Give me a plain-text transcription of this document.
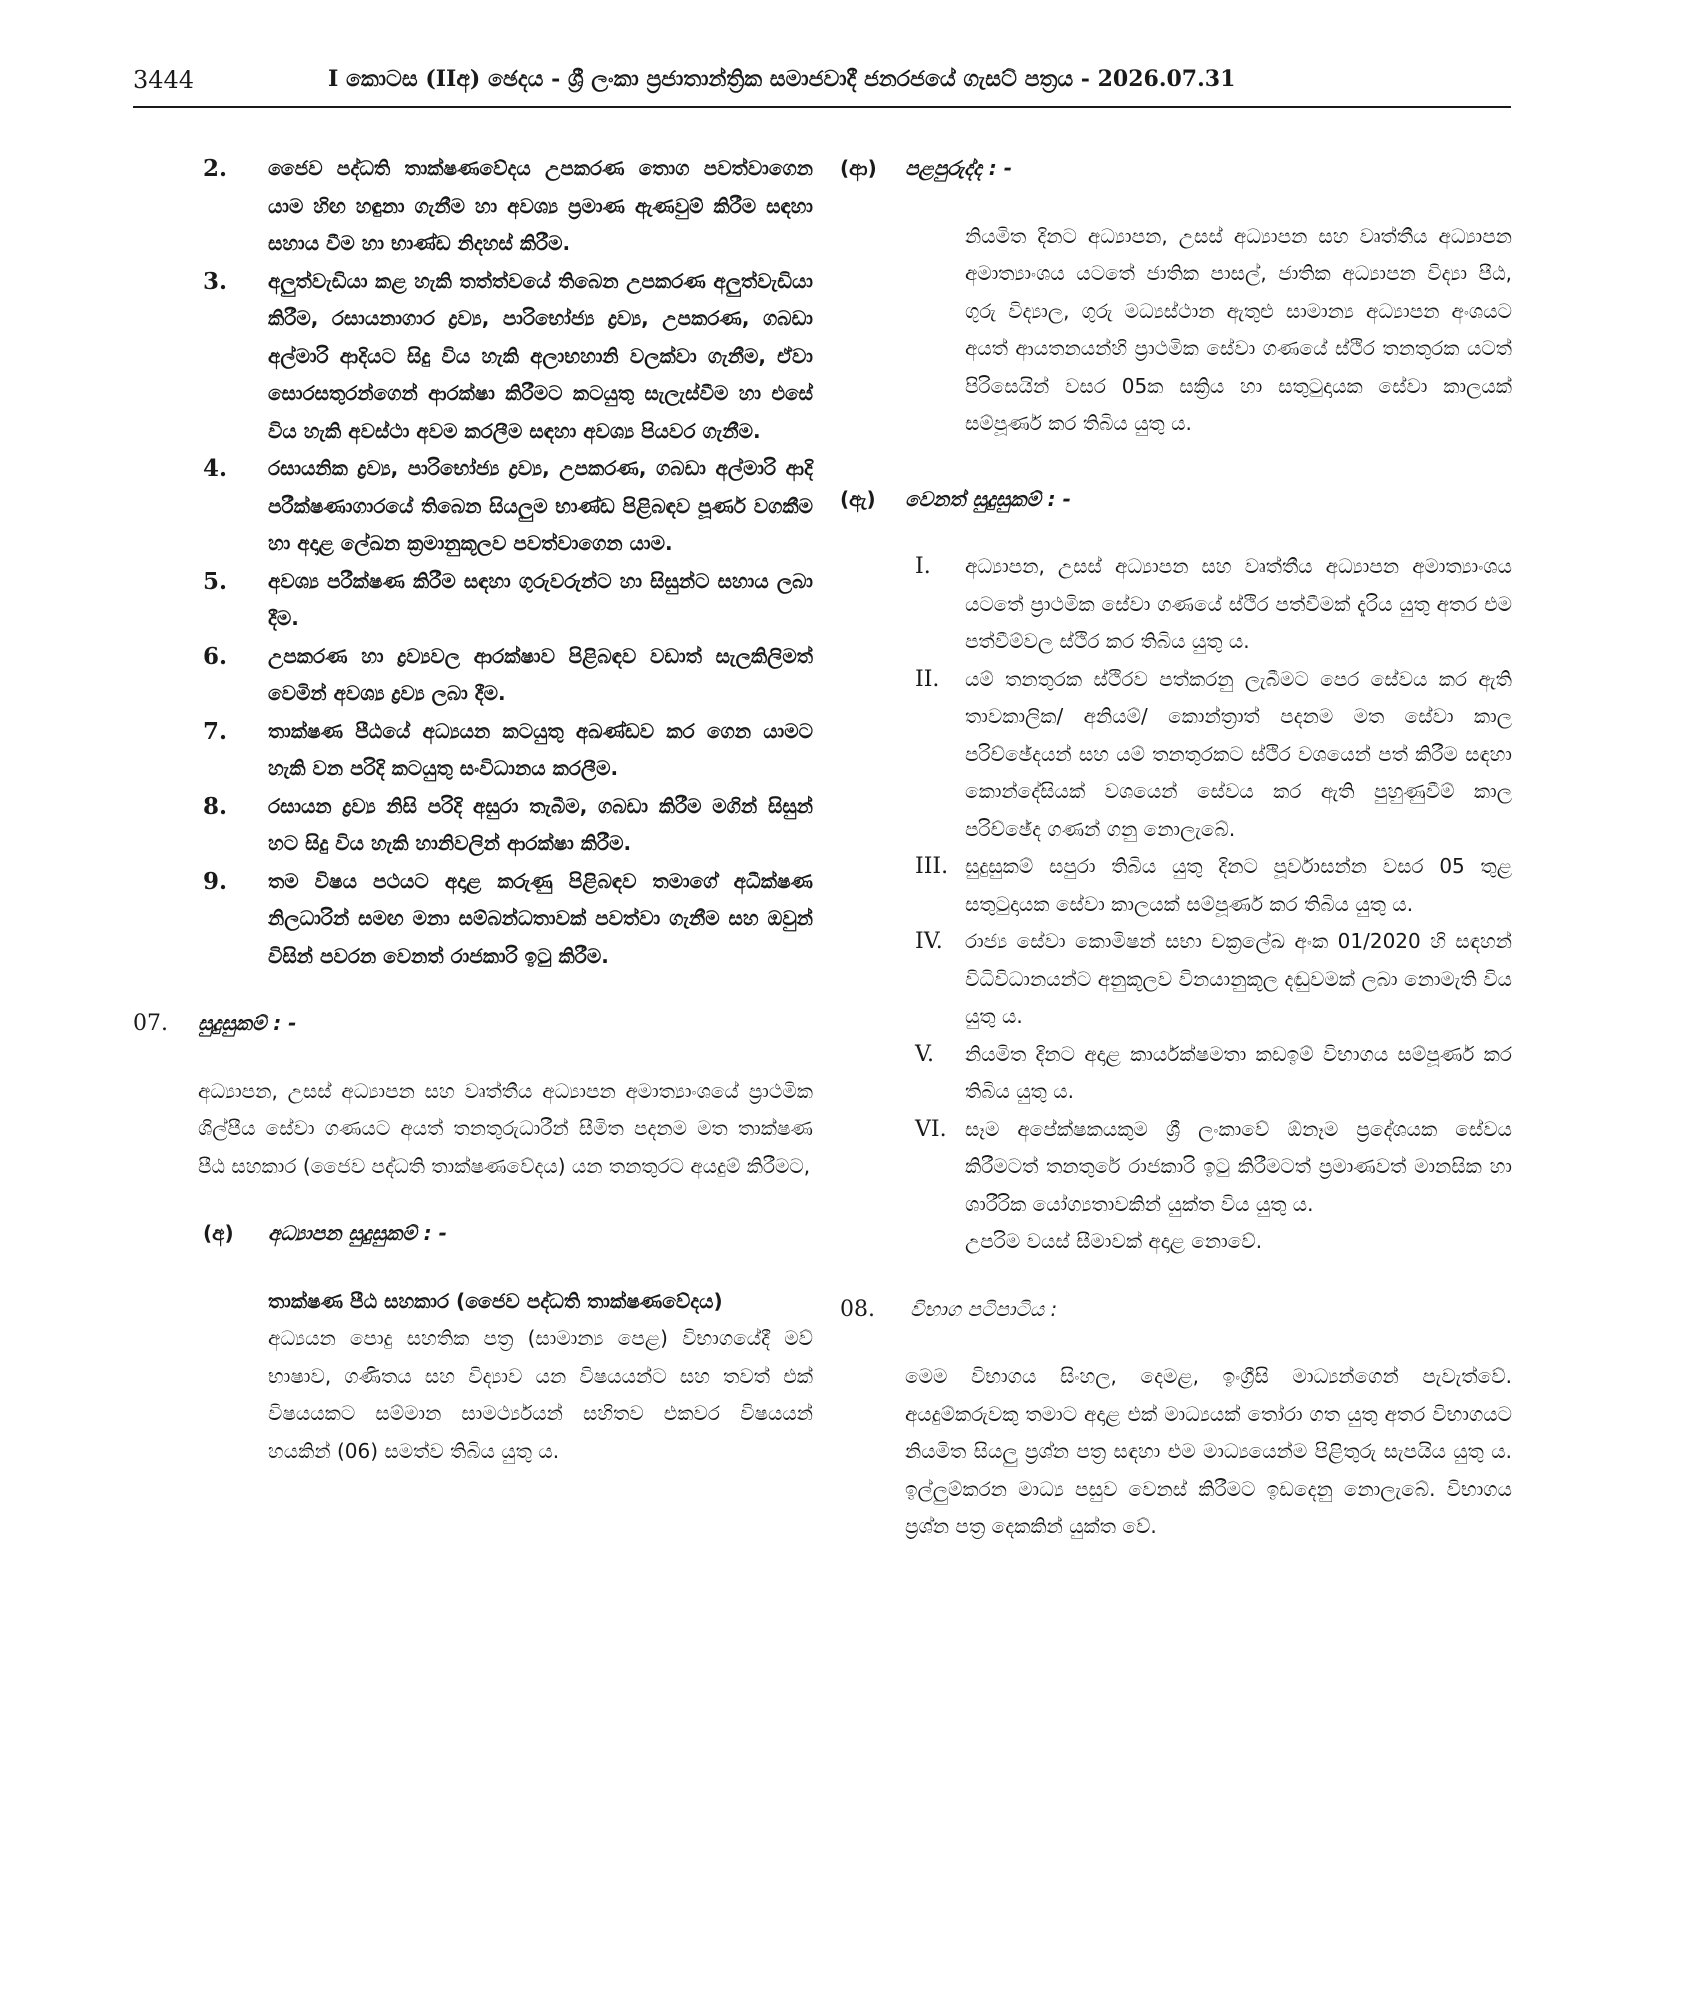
3444	I කොටස (IIඅ) ඡෙදය - ශ්‍රී ලංකා ප්‍රජාතාන්ත්‍රික සමාජවාදී ජනරජයේ ගැසට් පත්‍රය - 2026.07.31
2. ජෛව පද්ධති තාක්ෂණවේදය උපකරණ තොග පවත්වාගෙන යාම හිඟ හඳුනා ගැනීම හා අවශ්‍ය ප්‍රමාණ ඇණවුම් කිරීම සඳහා සහාය වීම හා භාණ්ඩ නිදහස් කිරීම.
3. අලුත්වැඩියා කළ හැකි තත්ත්වයේ තිබෙන උපකරණ අලුත්වැඩියා කිරීම, රසායනාගාර ද්‍රව්‍ය, පාරිභෝජ්‍ය ද්‍රව්‍ය, උපකරණ, ගබඩා අල්මාරි ආදියට සිදු විය හැකි අලාභහානි වලක්වා ගැනීම, ඒවා සොරසතුරන්ගෙන් ආරක්ෂා කිරීමට කටයුතු සැලැස්වීම හා එසේ විය හැකි අවස්ථා අවම කරලීම සඳහා අවශ්‍ය පියවර ගැනීම.
4. රසායනික ද්‍රව්‍ය, පාරිභෝජ්‍ය ද්‍රව්‍ය, උපකරණ, ගබඩා අල්මාරි ආදි පරීක්ෂණාගාරයේ තිබෙන සියලුම භාණ්ඩ පිළිබඳව පූර්ණ වගකීම හා අදාළ ලේඛන ක්‍රමානුකූලව පවත්වාගෙන යාම.
5. අවශ්‍ය පරීක්ෂණ කිරීම සඳහා ගුරුවරුන්ට හා සිසුන්ට සහාය ලබා දීම.
6. උපකරණ හා ද්‍රව්‍යවල ආරක්ෂාව පිළිබඳව වඩාත් සැලකිලිමත් වෙමින් අවශ්‍ය ද්‍රව්‍ය ලබා දීම.
7. තාක්ෂණ පීඨයේ අධ්‍යයන කටයුතු අඛණ්ඩව කර ගෙන යාමට හැකි වන පරිදි කටයුතු සංවිධානය කරලීම.
8. රසායන ද්‍රව්‍ය නිසි පරිදි අසුරා තැබීම, ගබඩා කිරීම මගින් සිසුන් හට සිදු විය හැකි හානිවලින් ආරක්ෂා කිරීම.
9. තම විෂය පථයට අදාළ කරුණු පිළිබඳව තමාගේ අධීක්ෂණ නිලධාරින් සමඟ මනා සම්බන්ධතාවක් පවත්වා ගැනීම සහ ඔවුන් විසින් පවරන වෙනත් රාජකාරි ඉටු කිරීම.
07. සුදුසුකම් : -
අධ්‍යාපන, උසස් අධ්‍යාපන සහ වෘත්තීය අධ්‍යාපන අමාත්‍යාංශයේ ප්‍රාථමික ශිල්පීය සේවා ගණයට අයත් තනතුරුධාරීන් සීමිත පදනම මත තාක්ෂණ පීඨ සහකාර (ජෛව පද්ධති තාක්ෂණවේදය) යන තනතුරට අයදුම් කිරීමට,
(අ) අධ්‍යාපන සුදුසුකම් : -
තාක්ෂණ පීඨ සහකාර (ජෛව පද්ධති තාක්ෂණවේදය)
අධ්‍යයන පොදු සහතික පත්‍ර (සාමාන්‍ය පෙළ) විභාගයේදී මව් භාෂාව, ගණිතය සහ විද්‍යාව යන විෂයයන්ට සහ තවත් එක් විෂයයකට සම්මාන සාමර්ථ්‍යයන් සහිතව එකවර විෂයයන් හයකින් (06) සමත්ව තිබිය යුතු ය.
(ආ) පළපුරුද්ද : -
නියමිත දිනට අධ්‍යාපන, උසස් අධ්‍යාපන සහ වෘත්තීය අධ්‍යාපන අමාත්‍යාංශය යටතේ ජාතික පාසල්, ජාතික අධ්‍යාපන විද්‍යා පීඨ, ගුරු විද්‍යාල, ගුරු මධ්‍යස්ථාන ඇතුළු සාමාන්‍ය අධ්‍යාපන අංශයට අයත් ආයතනයන්හි ප්‍රාථමික සේවා ගණයේ ස්ථිර තනතුරක යටත් පිරිසෙයින් වසර 05ක සක්‍රිය හා සතුටුදායක සේවා කාලයක් සම්පූර්ණ කර තිබිය යුතු ය.
(ඇ) වෙනත් සුදුසුකම් : -
I. අධ්‍යාපන, උසස් අධ්‍යාපන සහ වෘත්තීය අධ්‍යාපන අමාත්‍යාංශය යටතේ ප්‍රාථමික සේවා ගණයේ ස්ථිර පත්වීමක් දැරිය යුතු අතර එම පත්වීම්වල ස්ථිර කර තිබිය යුතු ය.
II. යම් තනතුරක ස්ථිරව පත්කරනු ලැබීමට පෙර සේවය කර ඇති තාවකාලික/ අනියම්/ කොන්ත්‍රාත් පදනම මත සේවා කාල පරිච්ඡේදයන් සහ යම් තනතුරකට ස්ථිර වශයෙන් පත් කිරීම සඳහා කොන්දේසියක් වශයෙන් සේවය කර ඇති පුහුණුවීම් කාල පරිච්ඡේද ගණන් ගනු නොලැබේ.
III. සුදුසුකම් සපුරා තිබිය යුතු දිනට පූර්වාසන්න වසර 05 තුළ සතුටුදායක සේවා කාලයක් සම්පූර්ණ කර තිබිය යුතු ය.
IV. රාජ්‍ය සේවා කොමිෂන් සභා චක්‍රලේඛ අංක 01/2020 හි සඳහන් විධිවිධානයන්ට අනුකූලව විනයානුකූල දඬුවමක් ලබා නොමැති විය යුතු ය.
V. නියමිත දිනට අදාළ කාර්යක්ෂමතා කඩඉම් විභාගය සම්පූර්ණ කර තිබිය යුතු ය.
VI. සෑම අපේක්ෂකයකුම ශ්‍රී ලංකාවේ ඕනෑම ප්‍රදේශයක සේවය කිරීමටත් තනතුරේ රාජකාරි ඉටු කිරීමටත් ප්‍රමාණවත් මානසික හා ශාරීරික යෝග්‍යතාවකින් යුක්ත විය යුතු ය.
උපරිම වයස් සීමාවක් අදාළ නොවේ.
08. විභාග පටිපාටිය :
මෙම විභාගය සිංහල, දෙමළ, ඉංග්‍රීසි මාධ්‍යන්ගෙන් පැවැත්වේ. අයදුම්කරුවකු තමාට අදාළ එක් මාධ්‍යයක් තෝරා ගත යුතු අතර විභාගයට නියමිත සියලු ප්‍රශ්න පත්‍ර සඳහා එම මාධ්‍යයෙන්ම පිළිතුරු සැපයිය යුතු ය. ඉල්ලුම්කරන මාධ්‍ය පසුව වෙනස් කිරීමට ඉඩදෙනු නොලැබේ. විභාගය ප්‍රශ්න පත්‍ර දෙකකින් යුක්ත වේ.
